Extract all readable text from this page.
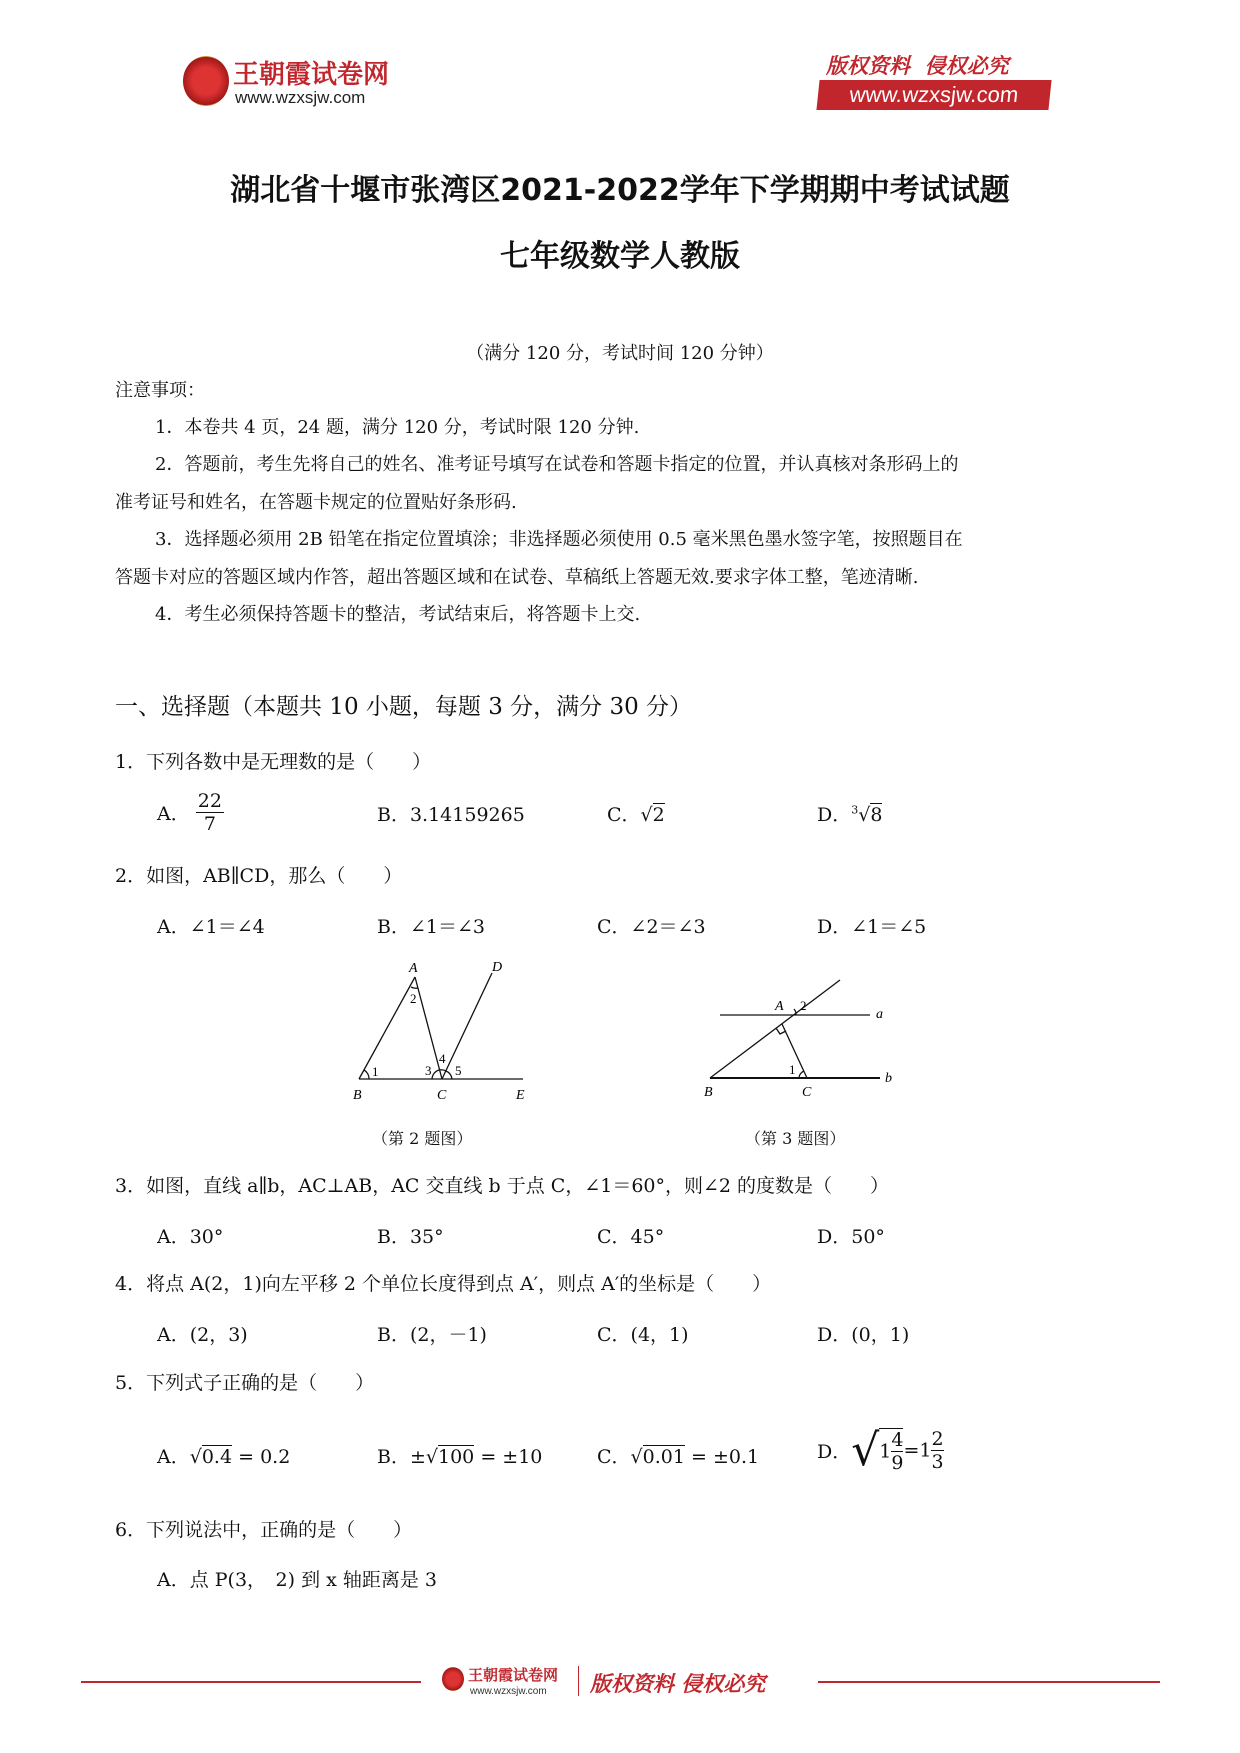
王朝霞试卷网
www.wzxsjw.com
版权资料  侵权必究
www.wzxsjw.com
湖北省十堰市张湾区2021-2022学年下学期期中考试试题
七年级数学人教版
（满分 120 分，考试时间 120 分钟）
注意事项：
1．本卷共 4 页，24 题，满分 120 分，考试时限 120 分钟.
2．答题前，考生先将自己的姓名、准考证号填写在试卷和答题卡指定的位置，并认真核对条形码上的
准考证号和姓名，在答题卡规定的位置贴好条形码.
3．选择题必须用 2B 铅笔在指定位置填涂；非选择题必须使用 0.5 毫米黑色墨水签字笔，按照题目在
答题卡对应的答题区域内作答，超出答题区域和在试卷、草稿纸上答题无效.要求字体工整，笔迹清晰.
4．考生必须保持答题卡的整洁，考试结束后，将答题卡上交.
一、选择题（本题共 10 小题，每题 3 分，满分 30 分）
1．下列各数中是无理数的是（　　）
A． $\frac{22}{7}$	B．3.14159265	C．√2	D．$^3$√8
2．如图，AB∥CD，那么（　　）
A．∠1＝∠4	B．∠1＝∠3	C．∠2＝∠3	D．∠1＝∠5
A
B	C
D
E
1
2
3
4
5
（第 2 题图）
A
B	C
a
b
1
2
（第 3 题图）
3．如图，直线 a∥b，AC⊥AB，AC 交直线 b 于点 C，∠1＝60°，则∠2 的度数是（　　）
A．30°	B．35°	C．45°	D．50°
4．将点 A(2，1)向左平移 2 个单位长度得到点 A′，则点 A′的坐标是（　　）
A．(2，3)	B．(2，－1)	C．(4，1)	D．(0，1)
5．下列式子正确的是（　　）
A．√0.4 = 0.2	B．±√100 = ±10	C．√0.01 = ±0.1	D．$√1 \frac{4}{9} =1 \frac{2}{3}$
6．下列说法中，正确的是（　　）
A．点 P(3，　2) 到 x 轴距离是 3
王朝霞试卷网
www.wzxsjw.com 版权资料 侵权必究
